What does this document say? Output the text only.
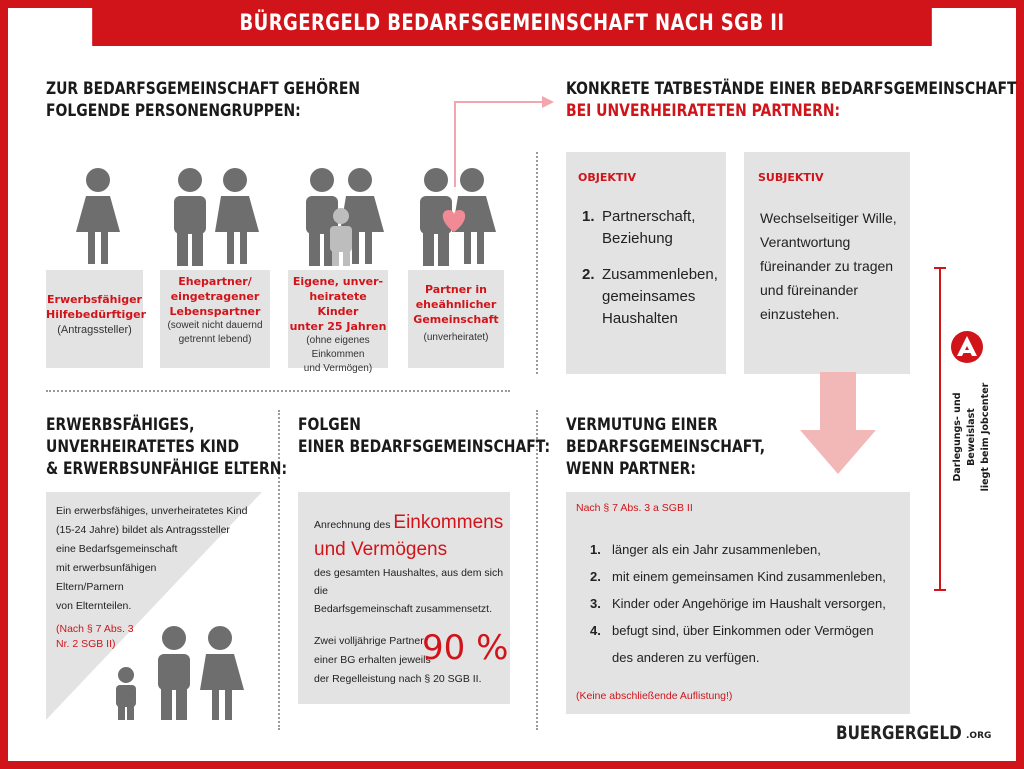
BÜRGERGELD BEDARFSGEMEINSCHAFT NACH SGB II
ZUR BEDARFSGEMEINSCHAFT GEHÖREN
FOLGENDE PERSONENGRUPPEN:
Erwerbsfähiger
Hilfebedürftiger
(Antragssteller)
Ehepartner/
eingetragener
Lebenspartner
(soweit nicht dauernd
getrennt lebend)
Eigene, unver-
heiratete Kinder
unter 25 Jahren
(ohne eigenes
Einkommen
und Vermögen)
Partner in
eheähnlicher
Gemeinschaft
(unverheiratet)
KONKRETE TATBESTÄNDE EINER BEDARFSGEMEINSCHAFT
BEI UNVERHEIRATETEN PARTNERN:
OBJEKTIV
1. Partnerschaft,
Beziehung
2. Zusammenleben,
gemeinsames
Haushalten
SUBJEKTIV
Wechselseitiger Wille,
Verantwortung
füreinander zu tragen
und füreinander
einzustehen.
Darlegungs- und Beweislast liegt beim Jobcenter
ERWERBSFÄHIGES,
UNVERHEIRATETES KIND
& ERWERBSUNFÄHIGE ELTERN:
Ein erwerbsfähiges, unverheiratetes Kind
(15-24 Jahre) bildet als Antragssteller
eine Bedarfsgemeinschaft
mit erwerbsunfähigen
Eltern/Parnern
von Elternteilen.
(Nach § 7 Abs. 3
Nr. 2 SGB II)
FOLGEN
EINER BEDARFSGEMEINSCHAFT:
Anrechnung des Einkommens
und Vermögens
des gesamten Haushaltes, aus dem sich die
Bedarfsgemeinschaft zusammensetzt.
Zwei volljährige Partner
einer BG erhalten jeweils
der Regelleistung nach § 20 SGB II.
90 %
VERMUTUNG EINER
BEDARFSGEMEINSCHAFT,
WENN PARTNER:
Nach § 7 Abs. 3 a SGB II
1. länger als ein Jahr zusammenleben,
2. mit einem gemeinsamen Kind zusammenleben,
3. Kinder oder Angehörige im Haushalt versorgen,
4. befugt sind, über Einkommen oder Vermögen
des anderen zu verfügen.
(Keine abschließende Auflistung!)
BUERGERGELD .ORG
